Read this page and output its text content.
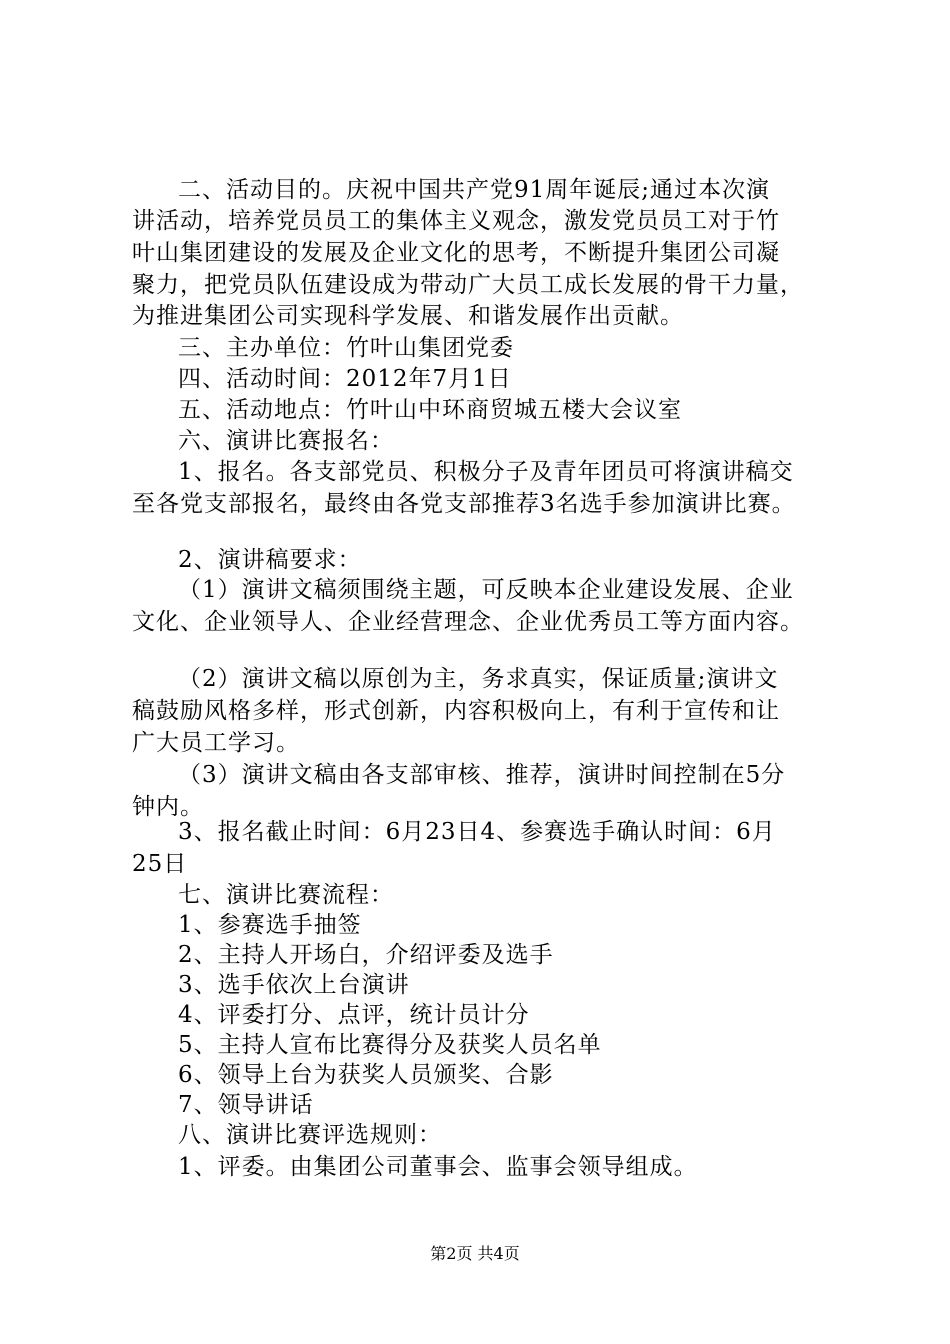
二、活动目的。庆祝中国共产党91周年诞辰;通过本次演
讲活动，培养党员员工的集体主义观念，激发党员员工对于竹
叶山集团建设的发展及企业文化的思考，不断提升集团公司凝
聚力，把党员队伍建设成为带动广大员工成长发展的骨干力量，
为推进集团公司实现科学发展、和谐发展作出贡献。
三、主办单位：竹叶山集团党委
四、活动时间：2012年7月1日
五、活动地点：竹叶山中环商贸城五楼大会议室
六、演讲比赛报名：
1、报名。各支部党员、积极分子及青年团员可将演讲稿交
至各党支部报名，最终由各党支部推荐3名选手参加演讲比赛。
2、演讲稿要求：
（1）演讲文稿须围绕主题，可反映本企业建设发展、企业
文化、企业领导人、企业经营理念、企业优秀员工等方面内容。
（2）演讲文稿以原创为主，务求真实，保证质量;演讲文
稿鼓励风格多样，形式创新，内容积极向上，有利于宣传和让
广大员工学习。
（3）演讲文稿由各支部审核、推荐，演讲时间控制在5分
钟内。
3、报名截止时间：6月23日4、参赛选手确认时间：6月
25日
七、演讲比赛流程：
1、参赛选手抽签
2、主持人开场白，介绍评委及选手
3、选手依次上台演讲
4、评委打分、点评，统计员计分
5、主持人宣布比赛得分及获奖人员名单
6、领导上台为获奖人员颁奖、合影
7、领导讲话
八、演讲比赛评选规则：
1、评委。由集团公司董事会、监事会领导组成。
第2页 共4页
